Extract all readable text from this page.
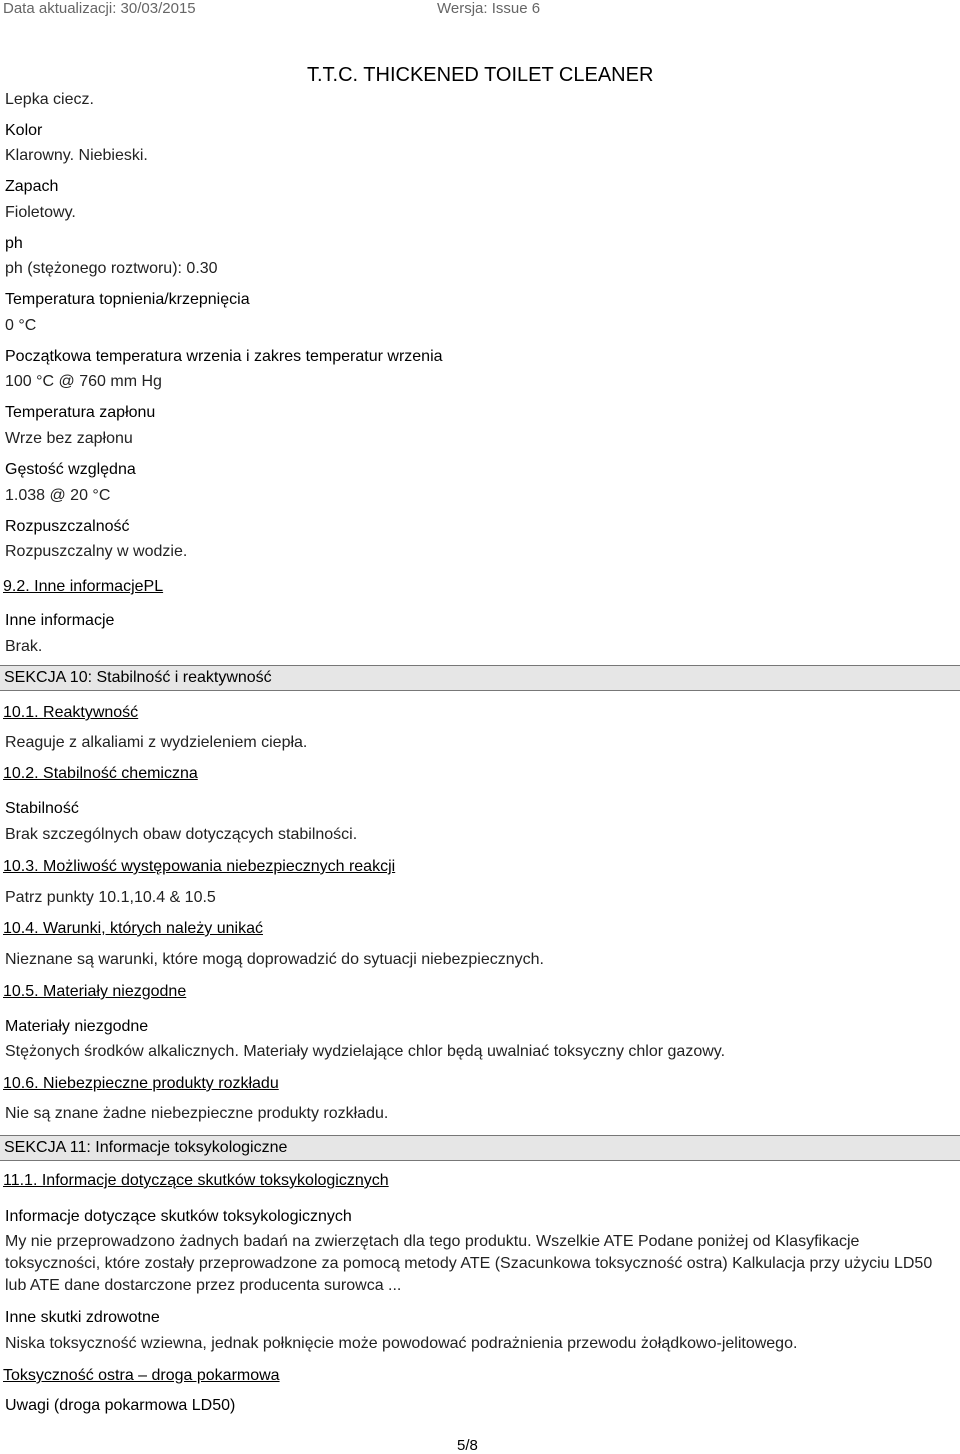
Data aktualizacji: 30/03/2015	Wersja: Issue 6
T.T.C. THICKENED TOILET CLEANER
Lepka ciecz.
Kolor
Klarowny. Niebieski.
Zapach
Fioletowy.
ph
ph (stężonego roztworu): 0.30
Temperatura topnienia/krzepnięcia
0 °C
Początkowa temperatura wrzenia i zakres temperatur wrzenia
100 °C @ 760 mm Hg
Temperatura zapłonu
Wrze bez zapłonu
Gęstość względna
1.038 @ 20 °C
Rozpuszczalność
Rozpuszczalny w wodzie.
9.2. Inne informacjePL
Inne informacje
Brak.
SEKCJA 10: Stabilność i reaktywność
10.1. Reaktywność
Reaguje z alkaliami z wydzieleniem ciepła.
10.2. Stabilność chemiczna
Stabilność
Brak szczególnych obaw dotyczących stabilności.
10.3. Możliwość występowania niebezpiecznych reakcji
Patrz punkty 10.1,10.4 & 10.5
10.4. Warunki, których należy unikać
Nieznane są warunki, które mogą doprowadzić do sytuacji niebezpiecznych.
10.5. Materiały niezgodne
Materiały niezgodne
Stężonych środków alkalicznych. Materiały wydzielające chlor będą uwalniać toksyczny chlor gazowy.
10.6. Niebezpieczne produkty rozkładu
Nie są znane żadne niebezpieczne produkty rozkładu.
SEKCJA 11: Informacje toksykologiczne
11.1. Informacje dotyczące skutków toksykologicznych
Informacje dotyczące skutków toksykologicznych
My nie przeprowadzono żadnych badań na zwierzętach dla tego produktu. Wszelkie ATE Podane poniżej od Klasyfikacje toksyczności, które zostały przeprowadzone za pomocą metody ATE (Szacunkowa toksyczność ostra) Kalkulacja przy użyciu LD50 lub ATE dane dostarczone przez producenta surowca ...
Inne skutki zdrowotne
Niska toksyczność wziewna, jednak połknięcie może powodować podrażnienia przewodu żołądkowo-jelitowego.
Toksyczność ostra – droga pokarmowa
Uwagi (droga pokarmowa LD50)
5/8
